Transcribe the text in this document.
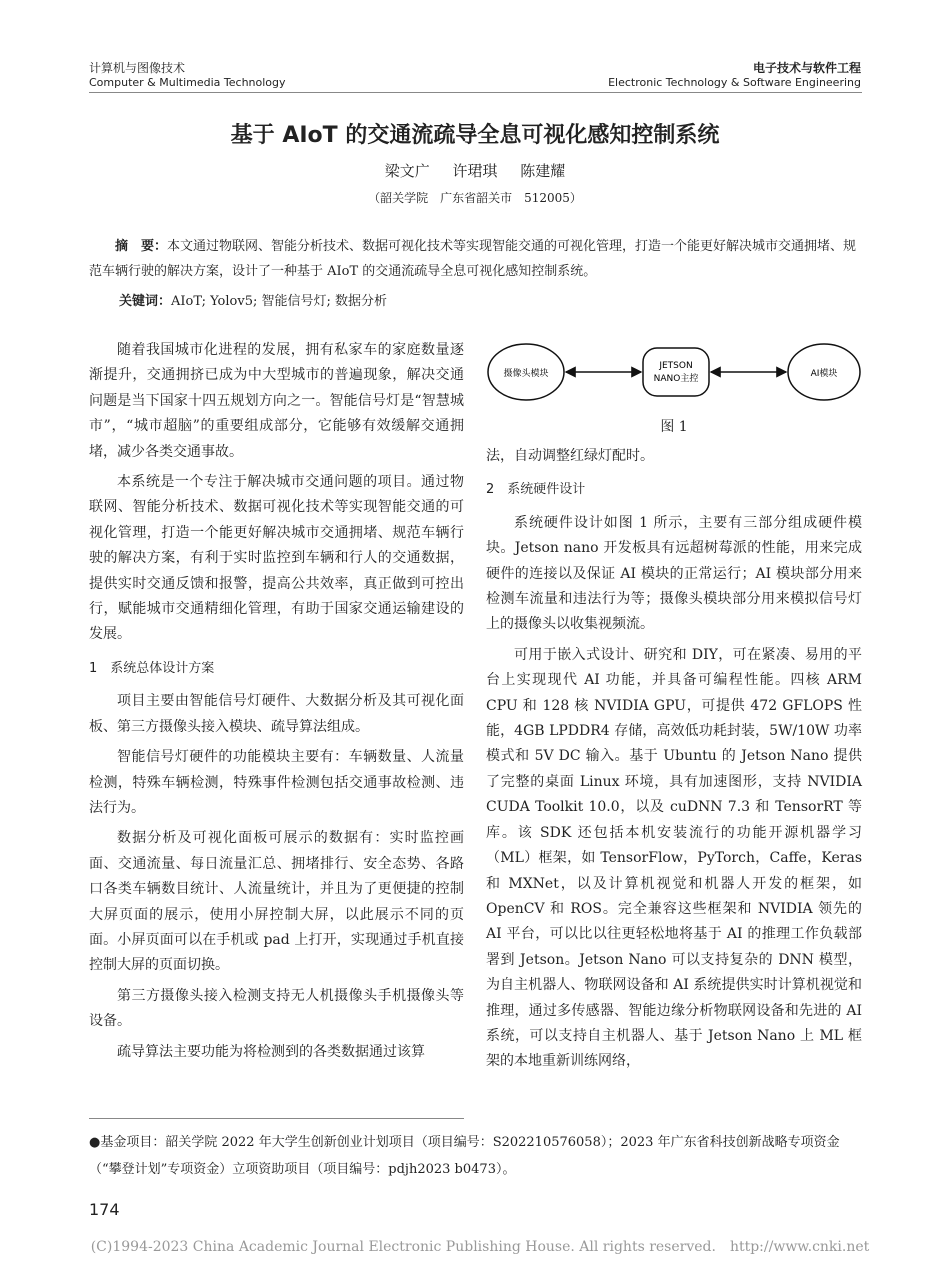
计算机与图像技术
Computer & Multimedia Technology
电子技术与软件工程
Electronic Technology & Software Engineering
基于 AIoT 的交通流疏导全息可视化感知控制系统
梁文广 许珺琪 陈建耀
（韶关学院　广东省韶关市　512005）
摘　要：本文通过物联网、智能分析技术、数据可视化技术等实现智能交通的可视化管理，打造一个能更好解决城市交通拥堵、规范车辆行驶的解决方案，设计了一种基于 AIoT 的交通流疏导全息可视化感知控制系统。
关键词：AIoT; Yolov5; 智能信号灯; 数据分析

随着我国城市化进程的发展，拥有私家车的家庭数量逐渐提升，交通拥挤已成为中大型城市的普遍现象，解决交通问题是当下国家十四五规划方向之一。智能信号灯是“智慧城市”，“城市超脑”的重要组成部分，它能够有效缓解交通拥堵，减少各类交通事故。

本系统是一个专注于解决城市交通问题的项目。通过物联网、智能分析技术、数据可视化技术等实现智能交通的可视化管理，打造一个能更好解决城市交通拥堵、规范车辆行驶的解决方案，有利于实时监控到车辆和行人的交通数据，提供实时交通反馈和报警，提高公共效率，真正做到可控出行，赋能城市交通精细化管理，有助于国家交通运输建设的发展。

1　系统总体设计方案

项目主要由智能信号灯硬件、大数据分析及其可视化面板、第三方摄像头接入模块、疏导算法组成。

智能信号灯硬件的功能模块主要有：车辆数量、人流量检测，特殊车辆检测，特殊事件检测包括交通事故检测、违法行为。

数据分析及可视化面板可展示的数据有：实时监控画面、交通流量、每日流量汇总、拥堵排行、安全态势、各路口各类车辆数目统计、人流量统计，并且为了更便捷的控制大屏页面的展示，使用小屏控制大屏，以此展示不同的页面。小屏页面可以在手机或 pad 上打开，实现通过手机直接控制大屏的页面切换。

第三方摄像头接入检测支持无人机摄像头手机摄像头等设备。

疏导算法主要功能为将检测到的各类数据通过该算

摄像头模块
JETSON
NANO主控	AI模块
图 1

法，自动调整红绿灯配时。

2　系统硬件设计

系统硬件设计如图 1 所示，主要有三部分组成硬件模块。Jetson nano 开发板具有远超树莓派的性能，用来完成硬件的连接以及保证 AI 模块的正常运行；AI 模块部分用来检测车流量和违法行为等；摄像头模块部分用来模拟信号灯上的摄像头以收集视频流。

可用于嵌入式设计、研究和 DIY，可在紧凑、易用的平台上实现现代 AI 功能，并具备可编程性能。四核 ARM CPU 和 128 核 NVIDIA GPU，可提供 472 GFLOPS 性能，4GB LPDDR4 存储，高效低功耗封装，5W/10W 功率模式和 5V DC 输入。基于 Ubuntu 的 Jetson Nano 提供了完整的桌面 Linux 环境，具有加速图形，支持 NVIDIA CUDA Toolkit 10.0，以及 cuDNN 7.3 和 TensorRT 等库。该 SDK 还包括本机安装流行的功能开源机器学习（ML）框架，如 TensorFlow，PyTorch，Caffe，Keras 和 MXNet，以及计算机视觉和机器人开发的框架，如 OpenCV 和 ROS。完全兼容这些框架和 NVIDIA 领先的 AI 平台，可以比以往更轻松地将基于 AI 的推理工作负载部署到 Jetson。Jetson Nano 可以支持复杂的 DNN 模型，为自主机器人、物联网设备和 AI 系统提供实时计算机视觉和推理，通过多传感器、智能边缘分析物联网设备和先进的 AI 系统，可以支持自主机器人、基于 Jetson Nano 上 ML 框架的本地重新训练网络，

●基金项目：韶关学院 2022 年大学生创新创业计划项目（项目编号：S202210576058）；2023 年广东省科技创新战略专项资金（“攀登计划”专项资金）立项资助项目（项目编号：pdjh2023 b0473）。
174
(C)1994-2023 China Academic Journal Electronic Publishing House. All rights reserved.　http://www.cnki.net
